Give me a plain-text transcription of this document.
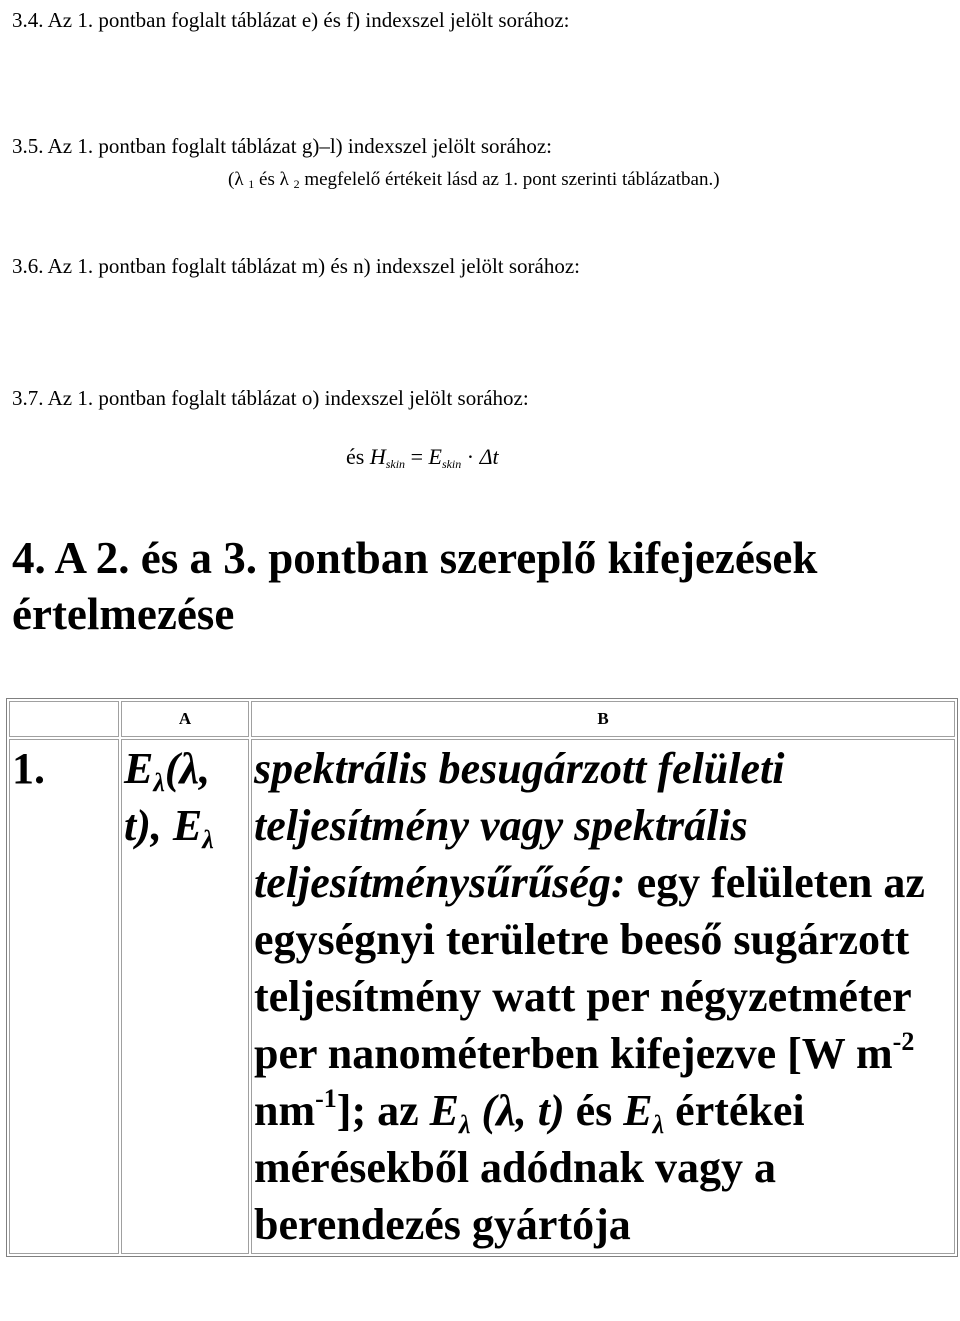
3.4. Az 1. pontban foglalt táblázat e) és f) indexszel jelölt sorához:
3.5. Az 1. pontban foglalt táblázat g)–l) indexszel jelölt sorához:
(λ $_1$ és λ $_2$ megfelelő értékeit lásd az 1. pont szerinti táblázatban.)
3.6. Az 1. pontban foglalt táblázat m) és n) indexszel jelölt sorához:
3.7. Az 1. pontban foglalt táblázat o) indexszel jelölt sorához:
és $H_{skin} = E_{skin} \cdot \Delta t$
4. A 2. és a 3. pontban szereplő kifejezések értelmezése
	A	B
1.	$E_\lambda(\lambda$, t), $E_\lambda$	spektrális besugárzott felületi teljesítmény vagy spektrális teljesítménysűrűség: egy felületen az egységnyi területre beeső sugárzott teljesítmény watt per négyzetméter per nanométerben kifejezve [W $m^{-2}$ $nm^{-1}$]; az $E_\lambda$ (λ, t) és $E_\lambda$ értékei mérésekből adódnak vagy a berendezés gyártója
